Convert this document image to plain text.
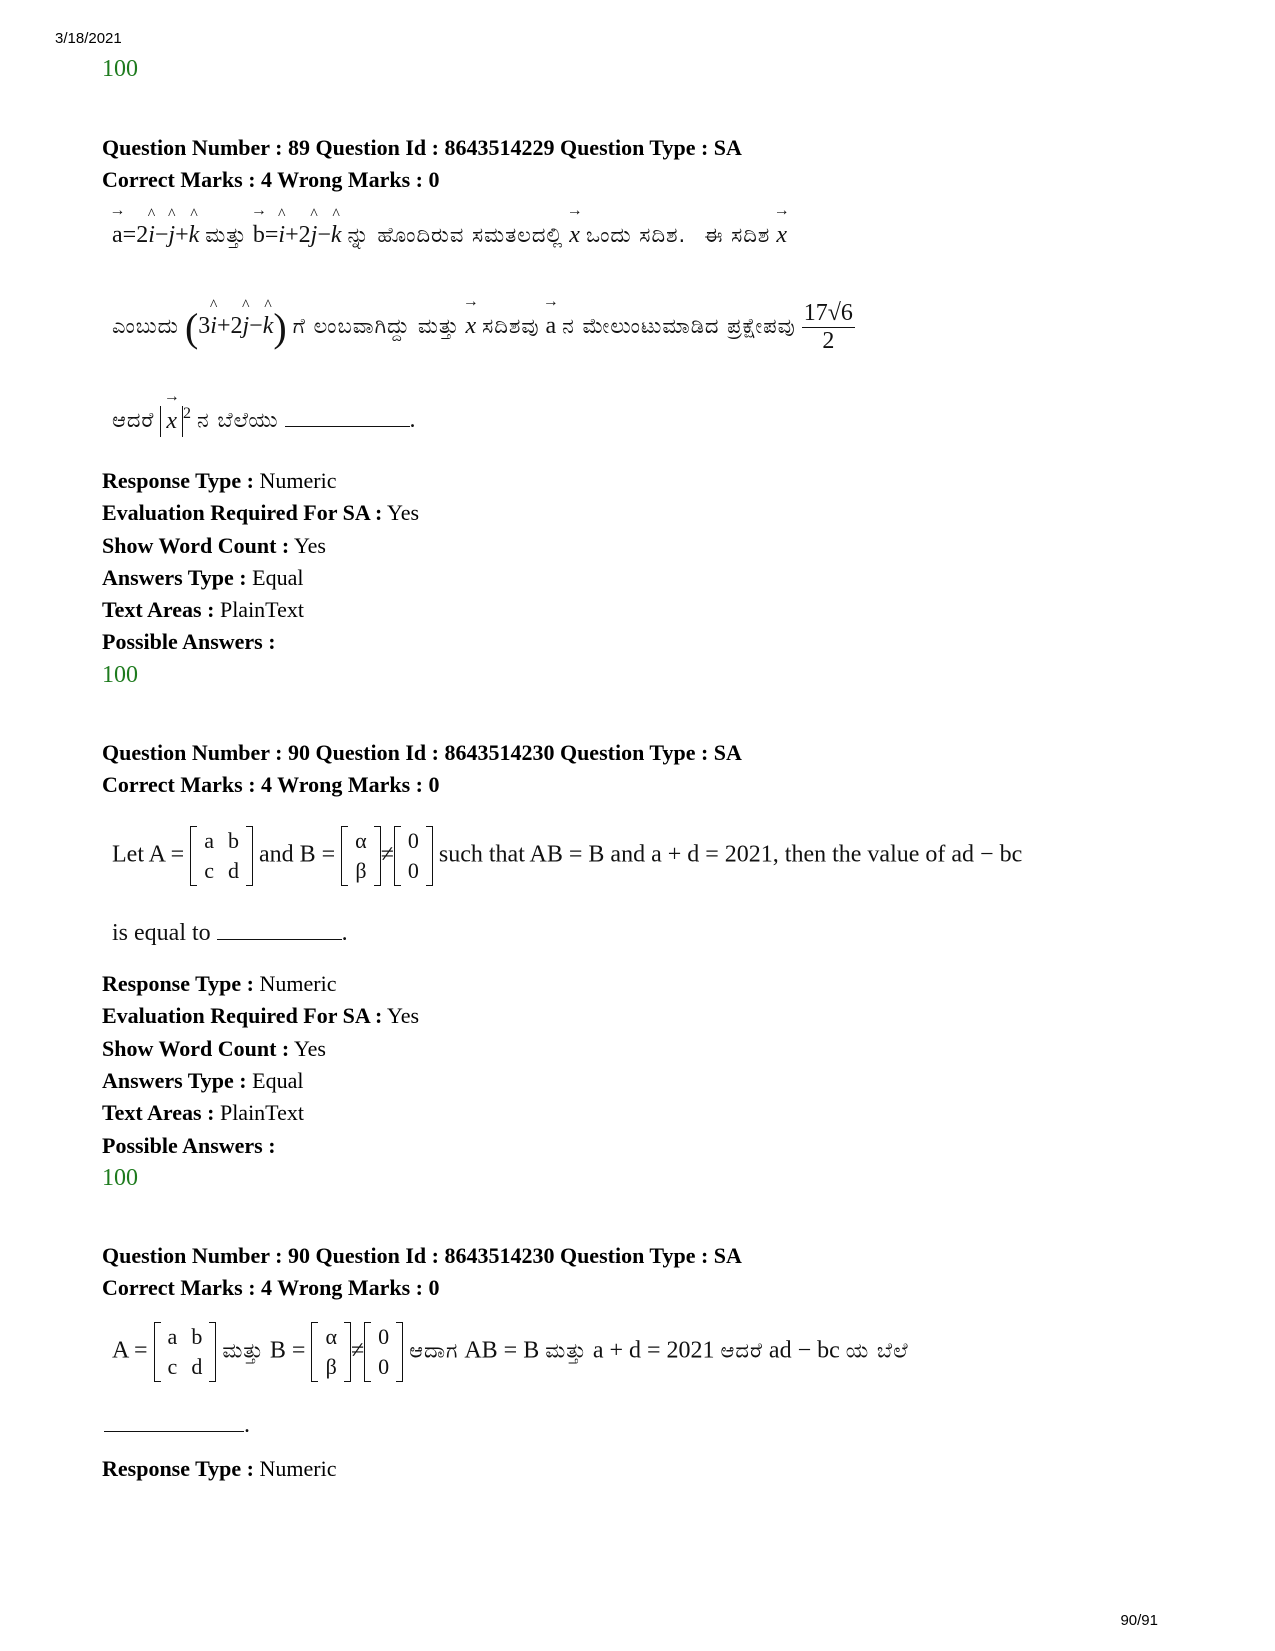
3/18/2021
100
Question Number : 89 Question Id : 8643514229 Question Type : SA
Correct Marks : 4 Wrong Marks : 0
→ a=2^ i−^ j+^ k ಮತ್ತು → b=^ i+2^ j−^ k ನ್ನು ಹೊಂದಿರುವ ಸಮತಲದಲ್ಲಿ → x ಒಂದು ಸದಿಶ. ಈ ಸದಿಶ → x
ಎಂಬುದು (3^ i+2^ j−^ k) ಗೆ ಲಂಬವಾಗಿದ್ದು ಮತ್ತು → x ಸದಿಶವು → a ನ ಮೇಲುಂಟುಮಾಡಿದ ಪ್ರಕ್ಷೇಪವು $\frac{17√6}{2}$
ಆದರೆ → x $^2$ ನ ಬೆಲೆಯು	.
Response Type : Numeric
Evaluation Required For SA : Yes
Show Word Count : Yes
Answers Type : Equal
Text Areas : PlainText
Possible Answers :
100
Question Number : 90 Question Id : 8643514230 Question Type : SA
Correct Marks : 4 Wrong Marks : 0
Let A =
a	b
c	d
and B =
α
β
≠
0
0
such that AB = B and a + d = 2021, then the value of ad − bc
is equal to	.
Response Type : Numeric
Evaluation Required For SA : Yes
Show Word Count : Yes
Answers Type : Equal
Text Areas : PlainText
Possible Answers :
100
Question Number : 90 Question Id : 8643514230 Question Type : SA
Correct Marks : 4 Wrong Marks : 0
A =
a	b
c	d
ಮತ್ತು B =
α
β
≠
0
0
ಆದಾಗ AB = B ಮತ್ತು a + d = 2021 ಆದರೆ ad − bc ಯ ಬೆಲೆ
.
Response Type : Numeric
90/91
